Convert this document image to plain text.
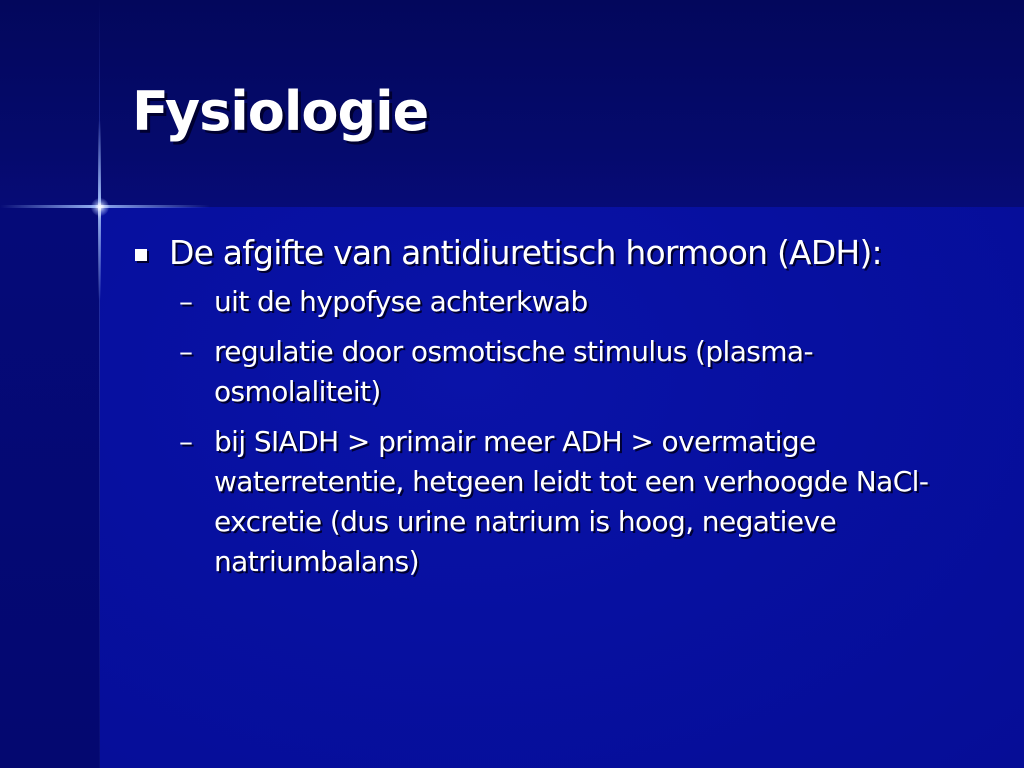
Fysiologie
De afgifte van antidiuretisch hormoon (ADH):
– uit de hypofyse achterkwab
– regulatie door osmotische stimulus (plasma-osmolaliteit)
– bij SIADH > primair meer ADH > overmatige waterretentie, hetgeen leidt tot een verhoogde NaCl-excretie (dus urine natrium is hoog, negatieve natriumbalans)
